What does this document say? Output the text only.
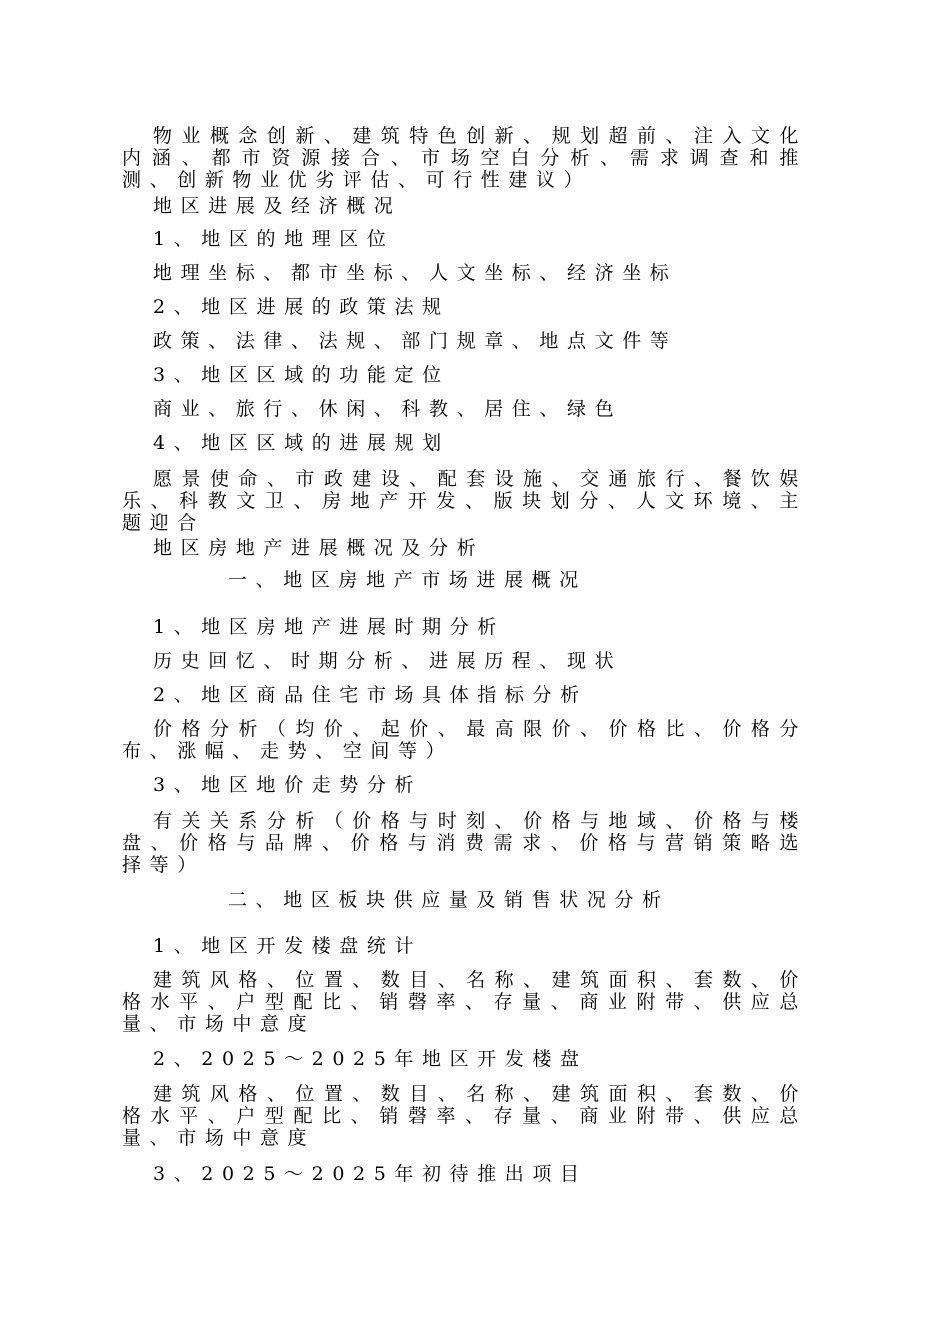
物业概念创新、建筑特色创新、规划超前、注入文化内涵、都市资源接合、市场空白分析、需求调查和推测、创新物业优劣评估、可行性建议）
地区进展及经济概况
1、地区的地理区位
地理坐标、都市坐标、人文坐标、经济坐标
2、地区进展的政策法规
政策、法律、法规、部门规章、地点文件等
3、地区区域的功能定位
商业、旅行、休闲、科教、居住、绿色
4、地区区域的进展规划
愿景使命、市政建设、配套设施、交通旅行、餐饮娱乐、科教文卫、房地产开发、版块划分、人文环境、主题迎合
地区房地产进展概况及分析
一、地区房地产市场进展概况
1、地区房地产进展时期分析
历史回忆、时期分析、进展历程、现状
2、地区商品住宅市场具体指标分析
价格分析（均价、起价、最高限价、价格比、价格分布、涨幅、走势、空间等）
3、地区地价走势分析
有关关系分析（价格与时刻、价格与地域、价格与楼盘、价格与品牌、价格与消费需求、价格与营销策略选择等）
二、地区板块供应量及销售状况分析
1、地区开发楼盘统计
建筑风格、位置、数目、名称、建筑面积、套数、价格水平、户型配比、销磬率、存量、商业附带、供应总量、市场中意度
2、2025～2025年地区开发楼盘
建筑风格、位置、数目、名称、建筑面积、套数、价格水平、户型配比、销磬率、存量、商业附带、供应总量、市场中意度
3、2025～2025年初待推出项目
